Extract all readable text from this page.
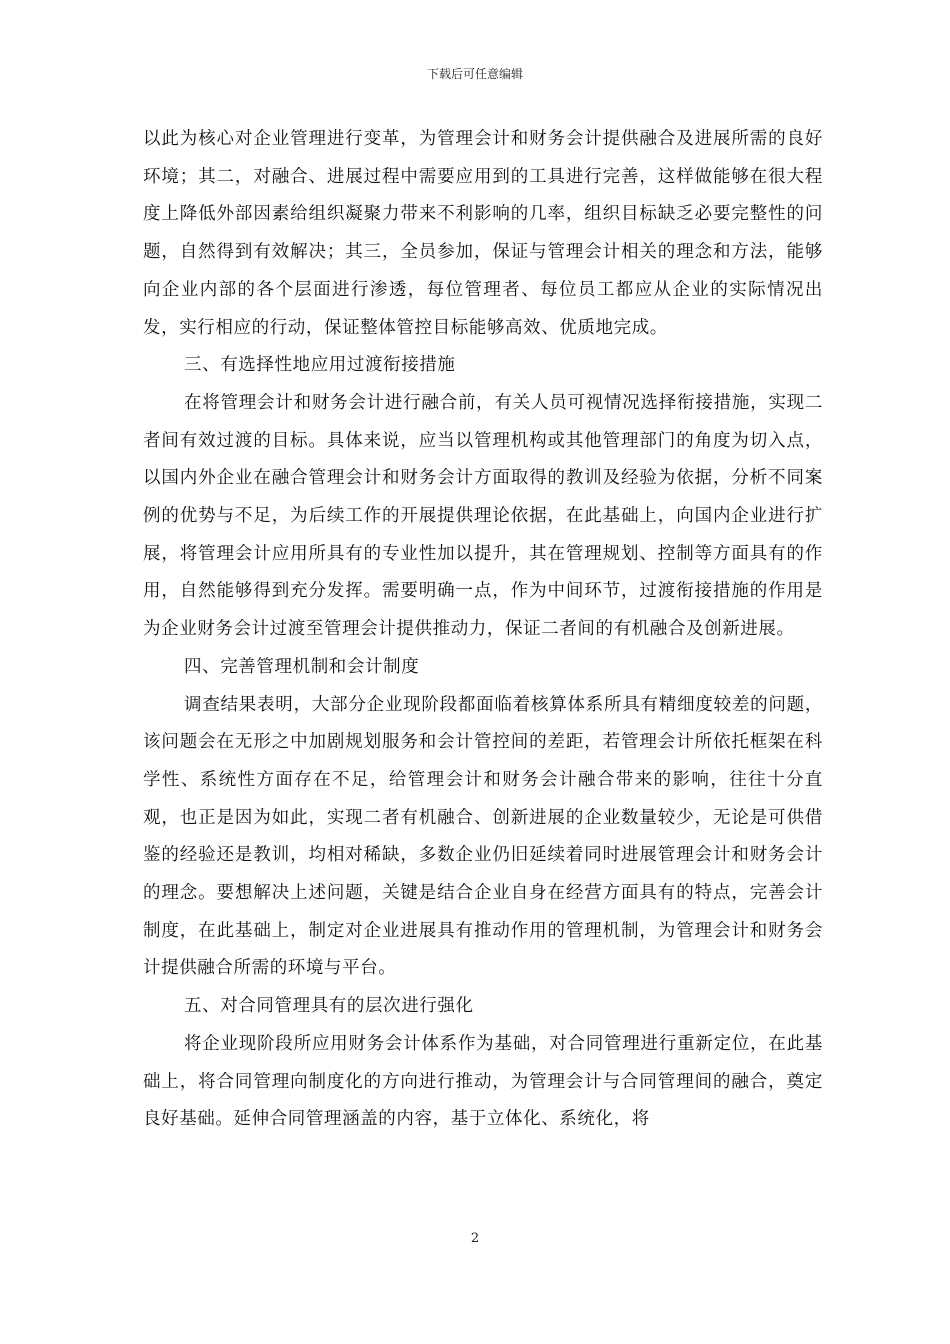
下载后可任意编辑

以此为核心对企业管理进行变革，为管理会计和财务会计提供融合及进展所需的良好环境；其二，对融合、进展过程中需要应用到的工具进行完善，这样做能够在很大程度上降低外部因素给组织凝聚力带来不利影响的几率，组织目标缺乏必要完整性的问题，自然得到有效解决；其三，全员参加，保证与管理会计相关的理念和方法，能够向企业内部的各个层面进行渗透，每位管理者、每位员工都应从企业的实际情况出发，实行相应的行动，保证整体管控目标能够高效、优质地完成。

三、有选择性地应用过渡衔接措施

在将管理会计和财务会计进行融合前，有关人员可视情况选择衔接措施，实现二者间有效过渡的目标。具体来说，应当以管理机构或其他管理部门的角度为切入点，以国内外企业在融合管理会计和财务会计方面取得的教训及经验为依据，分析不同案例的优势与不足，为后续工作的开展提供理论依据，在此基础上，向国内企业进行扩展，将管理会计应用所具有的专业性加以提升，其在管理规划、控制等方面具有的作用，自然能够得到充分发挥。需要明确一点，作为中间环节，过渡衔接措施的作用是为企业财务会计过渡至管理会计提供推动力，保证二者间的有机融合及创新进展。

四、完善管理机制和会计制度

调查结果表明，大部分企业现阶段都面临着核算体系所具有精细度较差的问题，该问题会在无形之中加剧规划服务和会计管控间的差距，若管理会计所依托框架在科学性、系统性方面存在不足，给管理会计和财务会计融合带来的影响，往往十分直观，也正是因为如此，实现二者有机融合、创新进展的企业数量较少，无论是可供借鉴的经验还是教训，均相对稀缺，多数企业仍旧延续着同时进展管理会计和财务会计的理念。要想解决上述问题，关键是结合企业自身在经营方面具有的特点，完善会计制度，在此基础上，制定对企业进展具有推动作用的管理机制，为管理会计和财务会计提供融合所需的环境与平台。

五、对合同管理具有的层次进行强化

将企业现阶段所应用财务会计体系作为基础，对合同管理进行重新定位，在此基础上，将合同管理向制度化的方向进行推动，为管理会计与合同管理间的融合，奠定良好基础。延伸合同管理涵盖的内容，基于立体化、系统化，将

2
